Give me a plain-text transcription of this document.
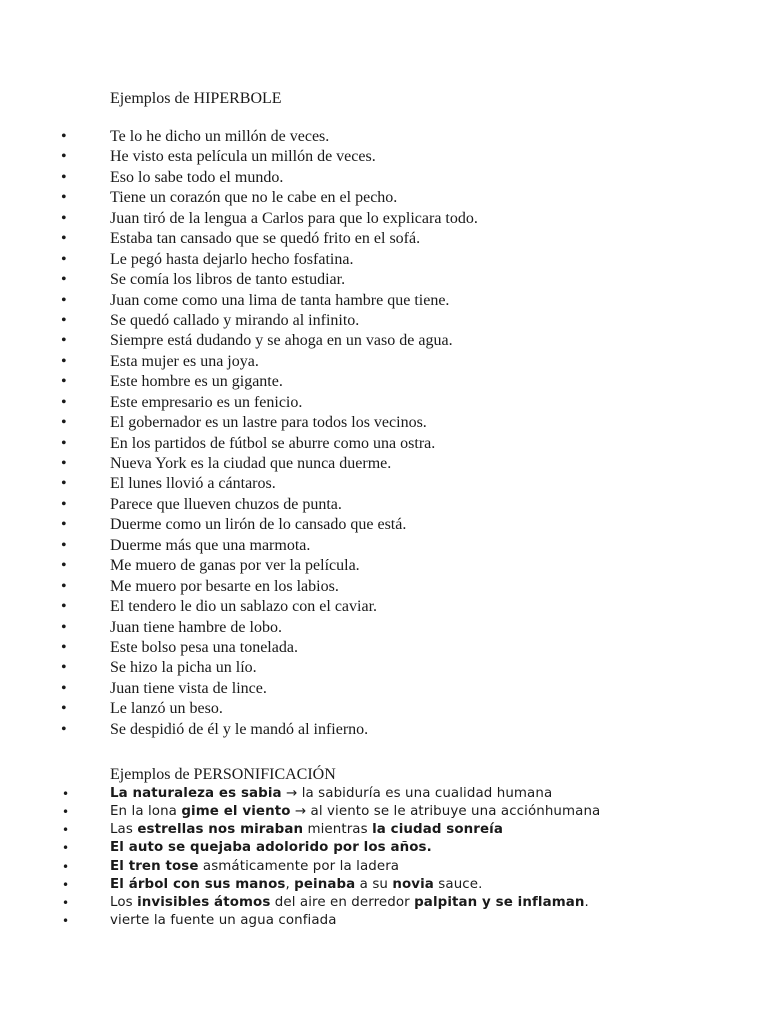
Ejemplos de HIPERBOLE
•	Te lo he dicho un millón de veces.
•	He visto esta película un millón de veces.
•	Eso lo sabe todo el mundo.
•	Tiene un corazón que no le cabe en el pecho.
•	Juan tiró de la lengua a Carlos para que lo explicara todo.
•	Estaba tan cansado que se quedó frito en el sofá.
•	Le pegó hasta dejarlo hecho fosfatina.
•	Se comía los libros de tanto estudiar.
•	Juan come como una lima de tanta hambre que tiene.
•	Se quedó callado y mirando al infinito.
•	Siempre está dudando y se ahoga en un vaso de agua.
•	Esta mujer es una joya.
•	Este hombre es un gigante.
•	Este empresario es un fenicio.
•	El gobernador es un lastre para todos los vecinos.
•	En los partidos de fútbol se aburre como una ostra.
•	Nueva York es la ciudad que nunca duerme.
•	El lunes llovió a cántaros.
•	Parece que llueven chuzos de punta.
•	Duerme como un lirón de lo cansado que está.
•	Duerme más que una marmota.
•	Me muero de ganas por ver la película.
•	Me muero por besarte en los labios.
•	El tendero le dio un sablazo con el caviar.
•	Juan tiene hambre de lobo.
•	Este bolso pesa una tonelada.
•	Se hizo la picha un lío.
•	Juan tiene vista de lince.
•	Le lanzó un beso.
•	Se despidió de él y le mandó al infierno.
Ejemplos de PERSONIFICACIÓN
•	La naturaleza es sabia → la sabiduría es una cualidad humana
•	En la lona gime el viento → al viento se le atribuye una acciónhumana
•	Las estrellas nos miraban mientras la ciudad sonreía
•	El auto se quejaba adolorido por los años.
•	El tren tose asmáticamente por la ladera
•	El árbol con sus manos, peinaba a su novia sauce.
•	Los invisibles átomos del aire en derredor palpitan y se inflaman.
•	vierte la fuente un agua confiada
